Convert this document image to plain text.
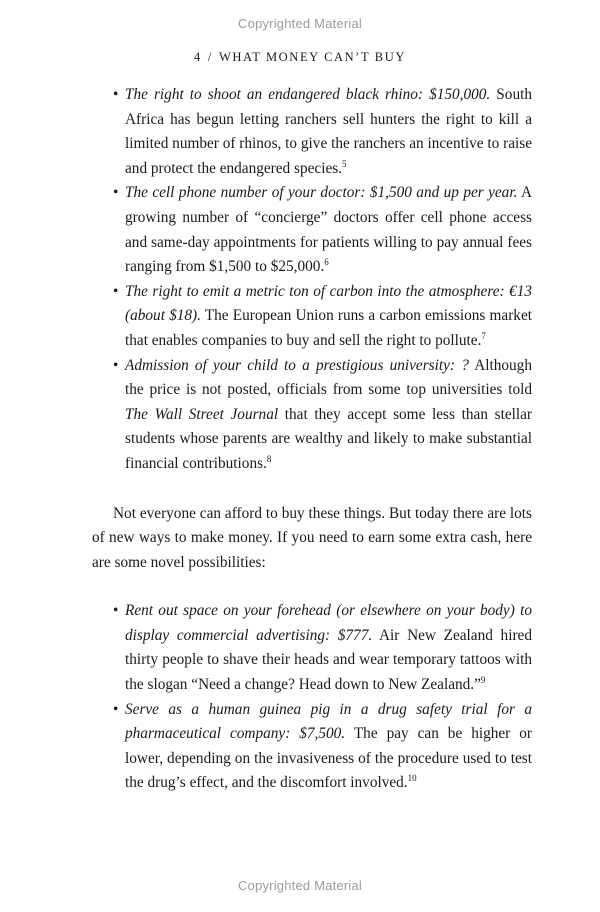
Copyrighted Material
4 / WHAT MONEY CAN’T BUY
• The right to shoot an endangered black rhino: $150,000. South Africa has begun letting ranchers sell hunters the right to kill a limited number of rhinos, to give the ranchers an incentive to raise and protect the endangered species.$^5$
• The cell phone number of your doctor: $1,500 and up per year. A growing number of “concierge” doctors offer cell phone access and same-day appointments for patients willing to pay annual fees ranging from $1,500 to $25,000.$^6$
• The right to emit a metric ton of carbon into the atmosphere: €13 (about $18). The European Union runs a carbon emissions market that enables companies to buy and sell the right to pollute.$^7$
• Admission of your child to a prestigious university: ? Although the price is not posted, officials from some top universities told The Wall Street Journal that they accept some less than stellar students whose parents are wealthy and likely to make substantial financial contributions.$^8$

Not everyone can afford to buy these things. But today there are lots of new ways to make money. If you need to earn some extra cash, here are some novel possibilities:

• Rent out space on your forehead (or elsewhere on your body) to display commercial advertising: $777. Air New Zealand hired thirty people to shave their heads and wear temporary tattoos with the slogan “Need a change? Head down to New Zealand.”$^9$
• Serve as a human guinea pig in a drug safety trial for a pharmaceutical company: $7,500. The pay can be higher or lower, depending on the invasiveness of the procedure used to test the drug’s effect, and the discomfort involved.$^{10}$
Copyrighted Material
